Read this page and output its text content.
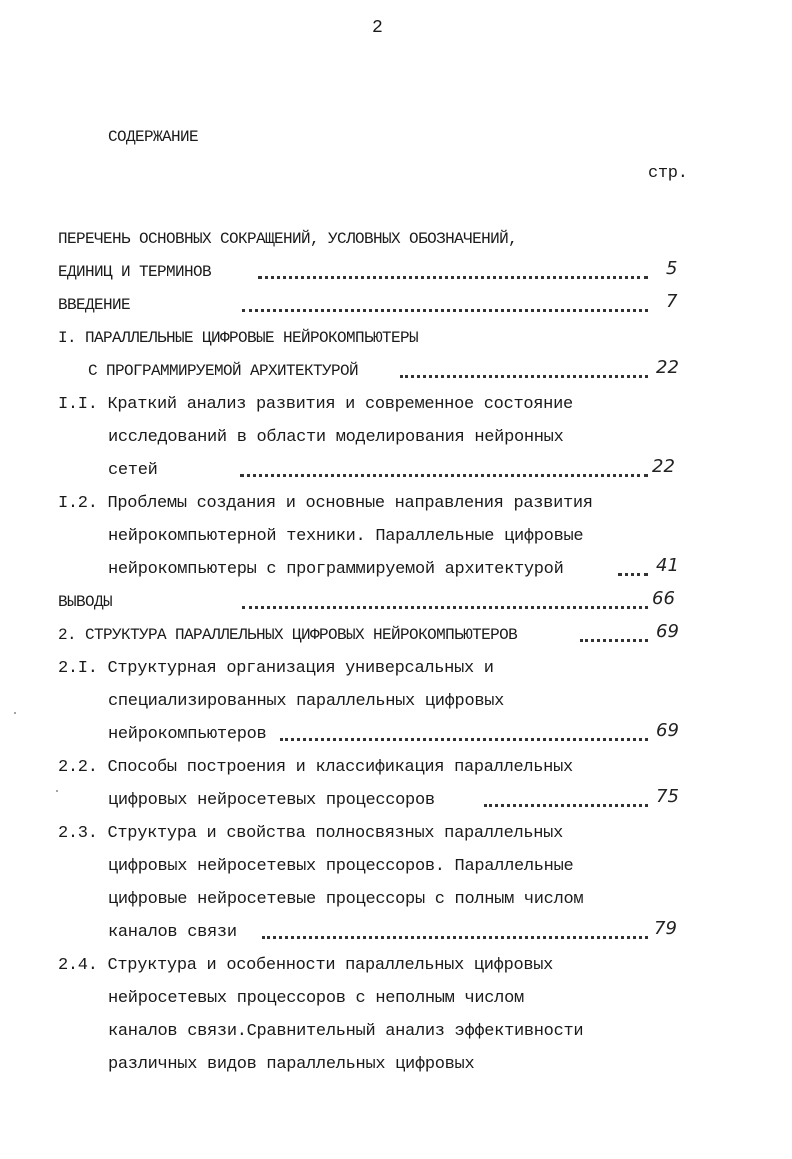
2
СОДЕРЖАНИЕ
стр.
ПЕРЕЧЕНЬ ОСНОВНЫХ СОКРАЩЕНИЙ, УСЛОВНЫХ ОБОЗНАЧЕНИЙ,
ЕДИНИЦ И ТЕРМИНОВ	5
ВВЕДЕНИЕ	7
I. ПАРАЛЛЕЛЬНЫЕ ЦИФРОВЫЕ НЕЙРОКОМПЬЮТЕРЫ
С ПРОГРАММИРУЕМОЙ АРХИТЕКТУРОЙ	22
I.I. Краткий анализ развития и современное состояние
исследований в области моделирования нейронных
сетей	22
I.2. Проблемы создания и основные направления развития
нейрокомпьютерной техники. Параллельные цифровые
нейрокомпьютеры с программируемой архитектурой	41
ВЫВОДЫ	66
2. СТРУКТУРА ПАРАЛЛЕЛЬНЫХ ЦИФРОВЫХ НЕЙРОКОМПЬЮТЕРОВ	69
2.I. Структурная организация универсальных и
специализированных параллельных цифровых
нейрокомпьютеров	69
2.2. Способы построения и классификация параллельных
цифровых нейросетевых процессоров	75
2.3. Структура и свойства полносвязных параллельных
цифровых нейросетевых процессоров. Параллельные
цифровые нейросетевые процессоры с полным числом
каналов связи	79
2.4. Структура и особенности параллельных цифровых
нейросетевых процессоров с неполным числом
каналов связи.Сравнительный анализ эффективности
различных видов параллельных цифровых
